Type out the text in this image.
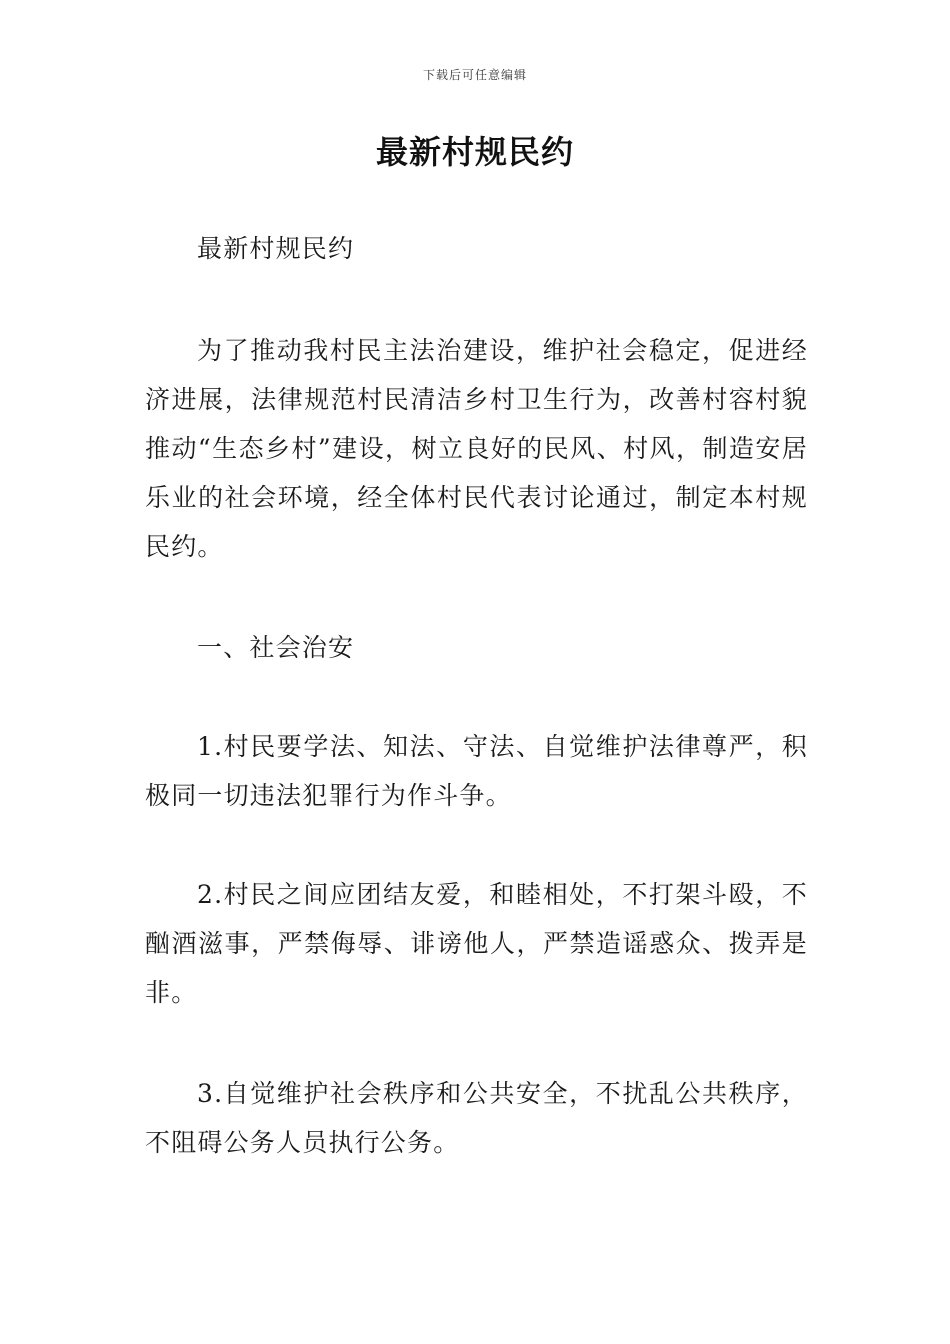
下载后可任意编辑
最新村规民约

最新村规民约

为了推动我村民主法治建设，维护社会稳定，促进经济进展，法律规范村民清洁乡村卫生行为，改善村容村貌推动“生态乡村”建设，树立良好的民风、村风，制造安居乐业的社会环境，经全体村民代表讨论通过，制定本村规民约。

一、社会治安

1.村民要学法、知法、守法、自觉维护法律尊严，积极同一切违法犯罪行为作斗争。

2.村民之间应团结友爱，和睦相处，不打架斗殴，不酗酒滋事，严禁侮辱、诽谤他人，严禁造谣惑众、拨弄是非。

3.自觉维护社会秩序和公共安全，不扰乱公共秩序，不阻碍公务人员执行公务。
